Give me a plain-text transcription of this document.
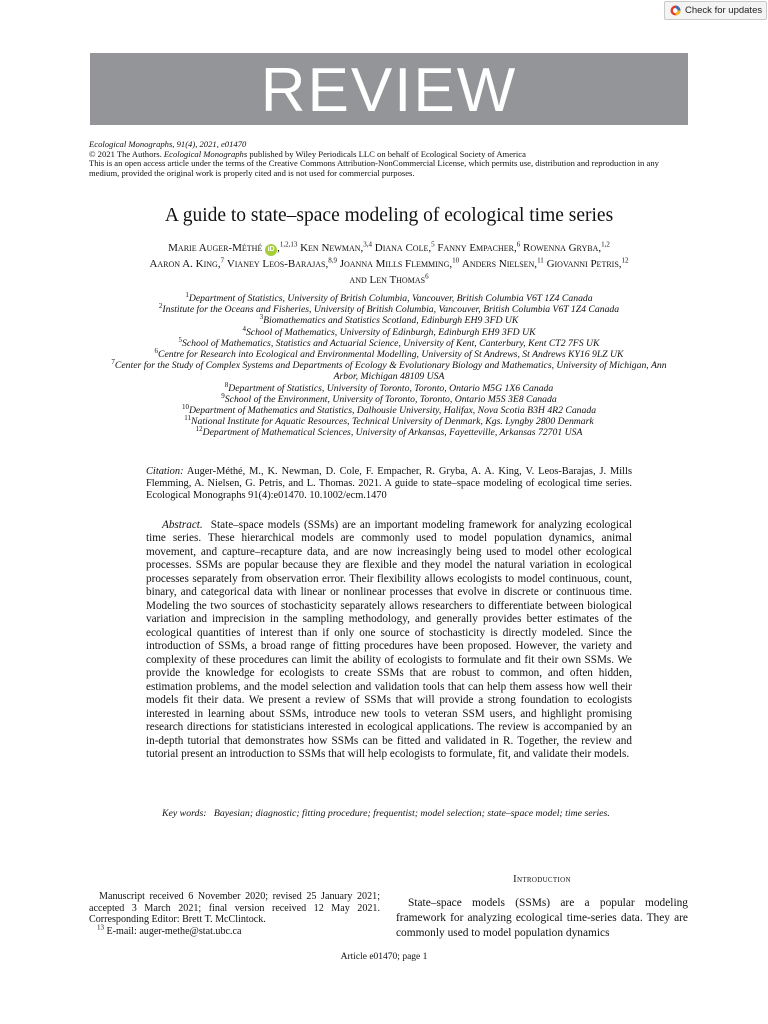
Check for updates
REVIEW
Ecological Monographs, 91(4), 2021, e01470
© 2021 The Authors. Ecological Monographs published by Wiley Periodicals LLC on behalf of Ecological Society of America
This is an open access article under the terms of the Creative Commons Attribution-NonCommercial License, which permits use, distribution and reproduction in any medium, provided the original work is properly cited and is not used for commercial purposes.
A guide to state–space modeling of ecological time series
Marie Auger-Méthé iD ,$^{1,2,13}$ Ken Newman,$^{3,4}$ Diana Cole,$^5$ Fanny Empacher,$^6$ Rowenna Gryba,$^{1,2}$
Aaron A. King,$^7$ Vianey Leos-Barajas,$^{8,9}$ Joanna Mills Flemming,$^{10}$ Anders Nielsen,$^{11}$ Giovanni Petris,$^{12}$
and Len Thomas$^6$
$^1$Department of Statistics, University of British Columbia, Vancouver, British Columbia V6T 1Z4 Canada
$^2$Institute for the Oceans and Fisheries, University of British Columbia, Vancouver, British Columbia V6T 1Z4 Canada
$^3$Biomathematics and Statistics Scotland, Edinburgh EH9 3FD UK
$^4$School of Mathematics, University of Edinburgh, Edinburgh EH9 3FD UK
$^5$School of Mathematics, Statistics and Actuarial Science, University of Kent, Canterbury, Kent CT2 7FS UK
$^6$Centre for Research into Ecological and Environmental Modelling, University of St Andrews, St Andrews KY16 9LZ UK
$^7$Center for the Study of Complex Systems and Departments of Ecology & Evolutionary Biology and Mathematics, University of Michigan, Ann Arbor, Michigan 48109 USA
$^8$Department of Statistics, University of Toronto, Toronto, Ontario M5G 1X6 Canada
$^9$School of the Environment, University of Toronto, Toronto, Ontario M5S 3E8 Canada
$^{10}$Department of Mathematics and Statistics, Dalhousie University, Halifax, Nova Scotia B3H 4R2 Canada
$^{11}$National Institute for Aquatic Resources, Technical University of Denmark, Kgs. Lyngby 2800 Denmark
$^{12}$Department of Mathematical Sciences, University of Arkansas, Fayetteville, Arkansas 72701 USA
Citation: Auger-Méthé, M., K. Newman, D. Cole, F. Empacher, R. Gryba, A. A. King, V. Leos-Barajas, J. Mills Flemming, A. Nielsen, G. Petris, and L. Thomas. 2021. A guide to state–space modeling of ecological time series. Ecological Monographs 91(4):e01470. 10.1002/ecm.1470
Abstract. State–space models (SSMs) are an important modeling framework for analyzing ecological time series. These hierarchical models are commonly used to model population dynamics, animal movement, and capture–recapture data, and are now increasingly being used to model other ecological processes. SSMs are popular because they are flexible and they model the natural variation in ecological processes separately from observation error. Their flexibility allows ecologists to model continuous, count, binary, and categorical data with linear or nonlinear processes that evolve in discrete or continuous time. Modeling the two sources of stochasticity separately allows researchers to differentiate between biological variation and imprecision in the sampling methodology, and generally provides better estimates of the ecological quantities of interest than if only one source of stochasticity is directly modeled. Since the introduction of SSMs, a broad range of fitting procedures have been proposed. However, the variety and complexity of these procedures can limit the ability of ecologists to formulate and fit their own SSMs. We provide the knowledge for ecologists to create SSMs that are robust to common, and often hidden, estimation problems, and the model selection and validation tools that can help them assess how well their models fit their data. We present a review of SSMs that will provide a strong foundation to ecologists interested in learning about SSMs, introduce new tools to veteran SSM users, and highlight promising research directions for statisticians interested in ecological applications. The review is accompanied by an in-depth tutorial that demonstrates how SSMs can be fitted and validated in R. Together, the review and tutorial present an introduction to SSMs that will help ecologists to formulate, fit, and validate their models.
Key words: Bayesian; diagnostic; fitting procedure; frequentist; model selection; state–space model; time series.
Manuscript received 6 November 2020; revised 25 January 2021; accepted 3 March 2021; final version received 12 May 2021. Corresponding Editor: Brett T. McClintock.
$^{13}$ E-mail: auger-methe@stat.ubc.ca
Introduction
State–space models (SSMs) are a popular modeling framework for analyzing ecological time-series data. They are commonly used to model population dynamics
Article e01470; page 1
